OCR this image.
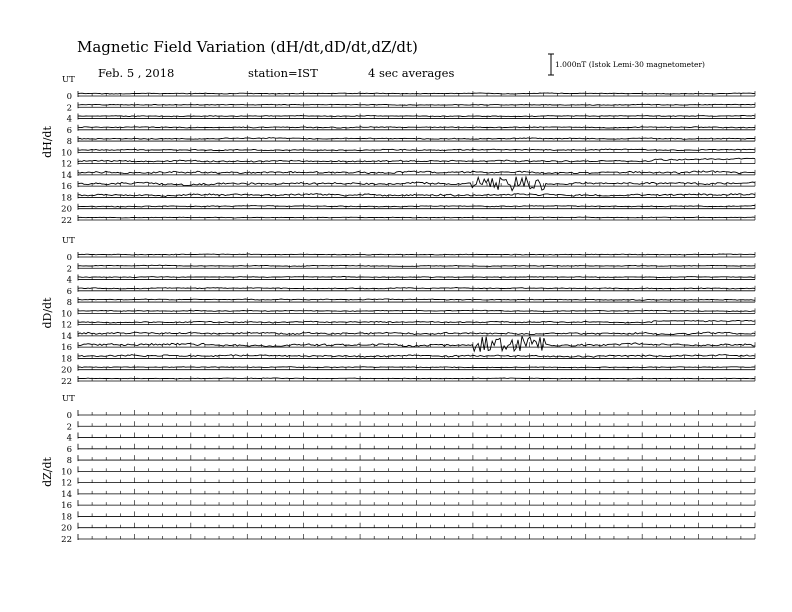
Magnetic Field Variation (dH/dt,dD/dt,dZ/dt)
Feb. 5 , 2018	station=IST	4 sec averages
1.000nT (Istok Lemi-30 magnetometer)
UT
dH/dt
0
2
4
6
8
10
12
14
16
18
20
22
UT
dD/dt
0
2
4
6
8
10
12
14
16
18
20
22
UT
dZ/dt
0
2
4
6
8
10
12
14
16
18
20
22
